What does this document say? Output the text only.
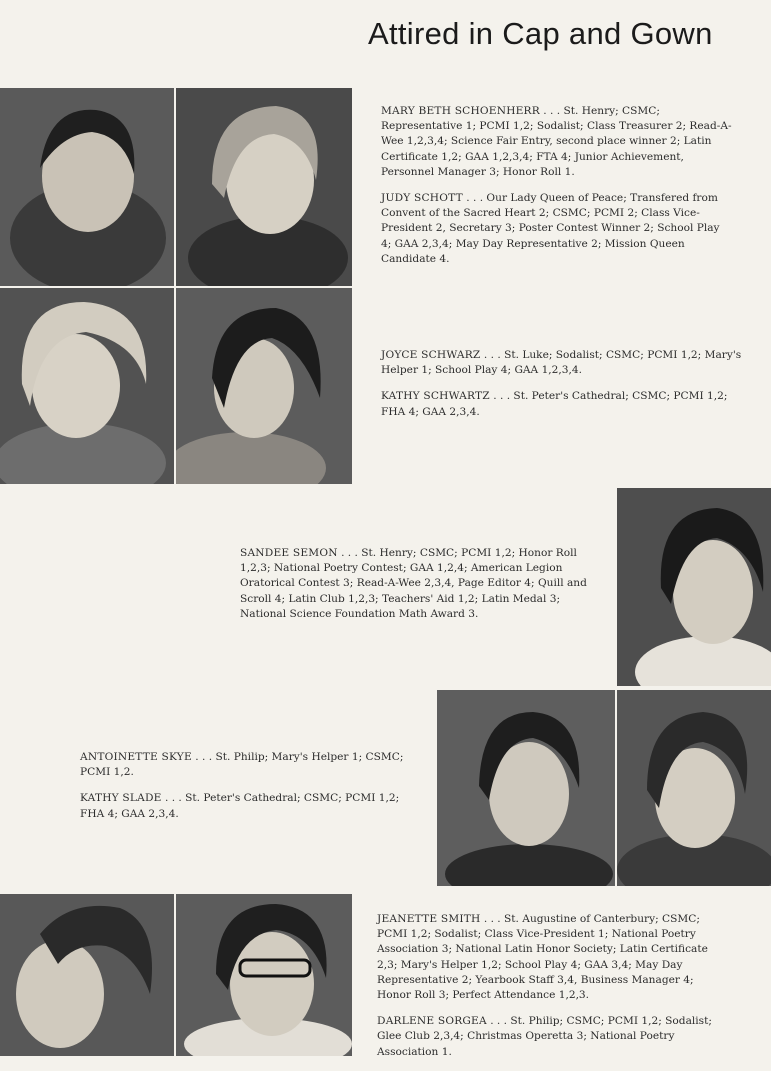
Attired in Cap and Gown

MARY BETH SCHOENHERR . . . St. Henry; CSMC; Representative 1; PCMI 1,2; Sodalist; Class Treasurer 2; Read-A-Wee 1,2,3,4; Science Fair Entry, second place winner 2; Latin Certificate 1,2; GAA 1,2,3,4; FTA 4; Junior Achievement, Personnel Manager 3; Honor Roll 1.

JUDY SCHOTT . . . Our Lady Queen of Peace; Transfered from Convent of the Sacred Heart 2; CSMC; PCMI 2; Class Vice-President 2, Secretary 3; Poster Contest Winner 2; School Play 4; GAA 2,3,4; May Day Representative 2; Mission Queen Candidate 4.

JOYCE SCHWARZ . . . St. Luke; Sodalist; CSMC; PCMI 1,2; Mary's Helper 1; School Play 4; GAA 1,2,3,4.

KATHY SCHWARTZ . . . St. Peter's Cathedral; CSMC; PCMI 1,2; FHA 4; GAA 2,3,4.

SANDEE SEMON . . . St. Henry; CSMC; PCMI 1,2; Honor Roll 1,2,3; National Poetry Contest; GAA 1,2,4; American Legion Oratorical Contest 3; Read-A-Wee 2,3,4, Page Editor 4; Quill and Scroll 4; Latin Club 1,2,3; Teachers' Aid 1,2; Latin Medal 3; National Science Foundation Math Award 3.

ANTOINETTE SKYE . . . St. Philip; Mary's Helper 1; CSMC; PCMI 1,2.

KATHY SLADE . . . St. Peter's Cathedral; CSMC; PCMI 1,2; FHA 4; GAA 2,3,4.

JEANETTE SMITH . . . St. Augustine of Canterbury; CSMC; PCMI 1,2; Sodalist; Class Vice-President 1; National Poetry Association 3; National Latin Honor Society; Latin Certificate 2,3; Mary's Helper 1,2; School Play 4; GAA 3,4; May Day Representative 2; Yearbook Staff 3,4, Business Manager 4; Honor Roll 3; Perfect Attendance 1,2,3.

DARLENE SORGEA . . . St. Philip; CSMC; PCMI 1,2; Sodalist; Glee Club 2,3,4; Christmas Operetta 3; National Poetry Association 1.
